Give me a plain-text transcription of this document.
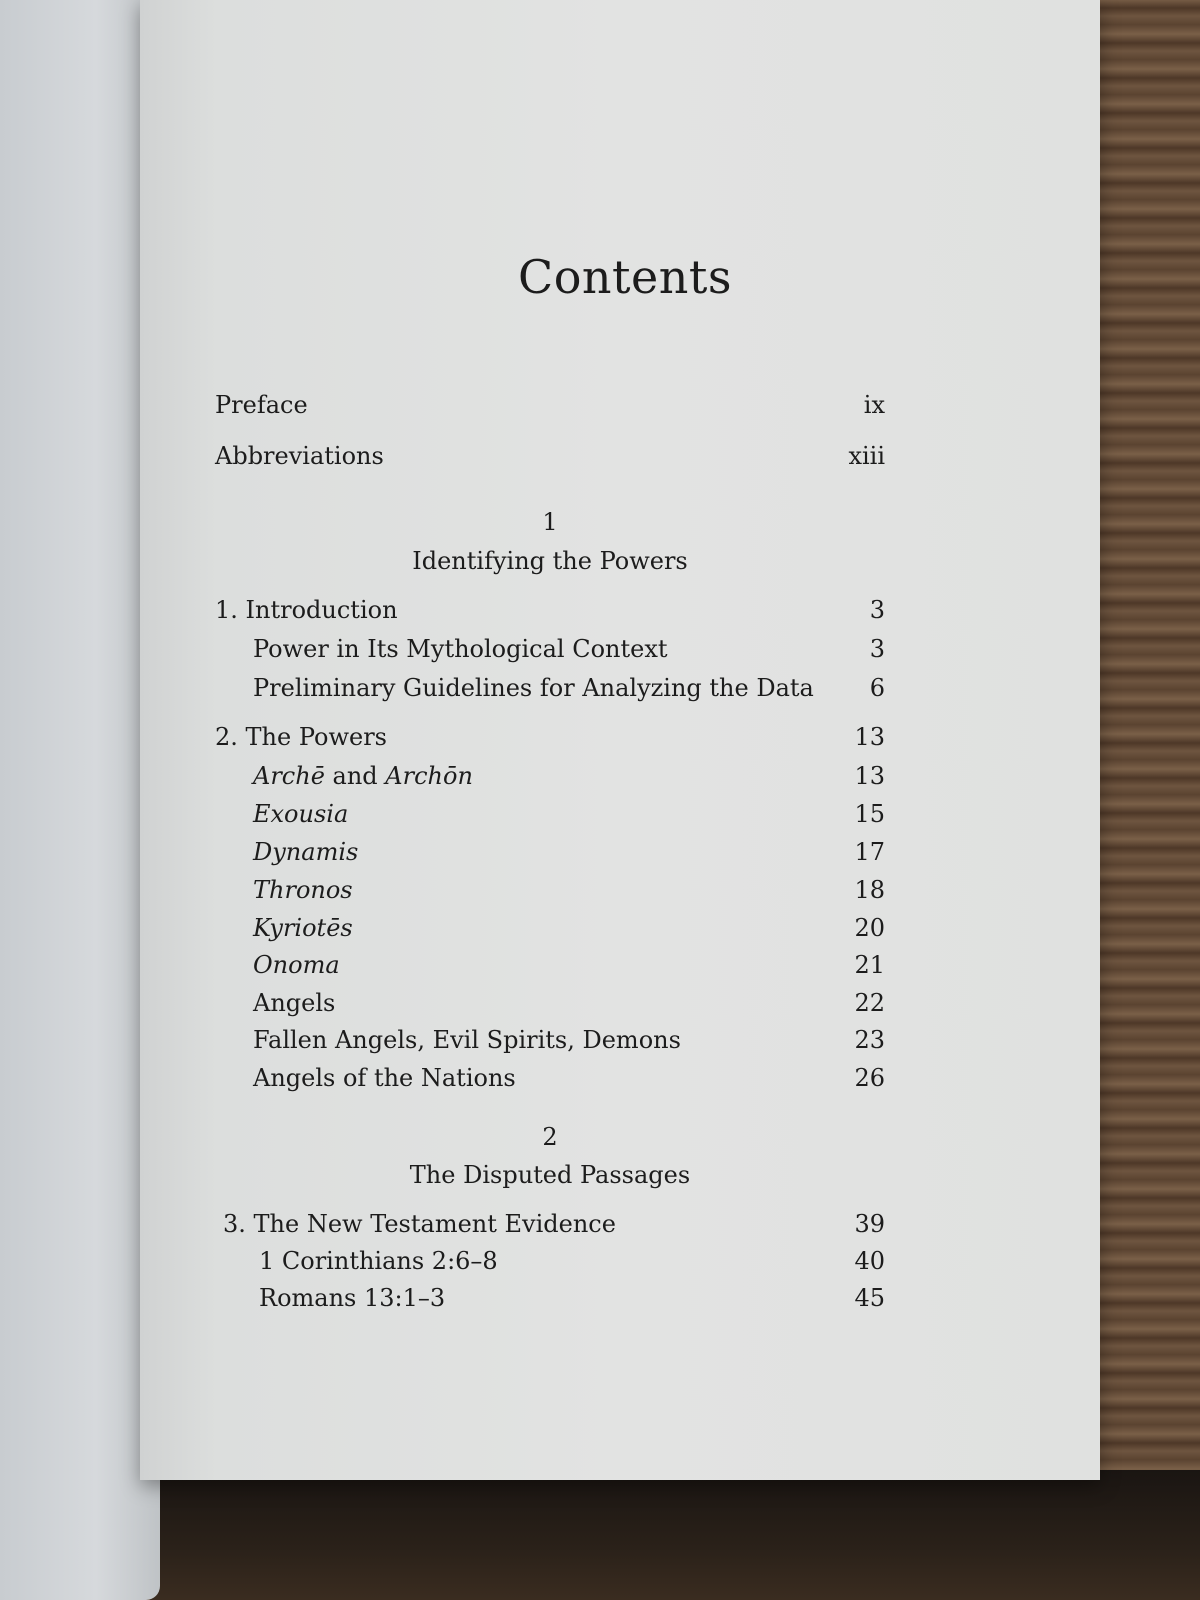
Contents
Preface	ix
Abbreviations	xiii
1
Identifying the Powers
1. Introduction	3
Power in Its Mythological Context	3
Preliminary Guidelines for Analyzing the Data	6
2. The Powers	13
Archē and Archōn	13
Exousia	15
Dynamis	17
Thronos	18
Kyriotēs	20
Onoma	21
Angels	22
Fallen Angels, Evil Spirits, Demons	23
Angels of the Nations	26
2
The Disputed Passages
3. The New Testament Evidence	39
1 Corinthians 2:6–8	40
Romans 13:1–3	45
